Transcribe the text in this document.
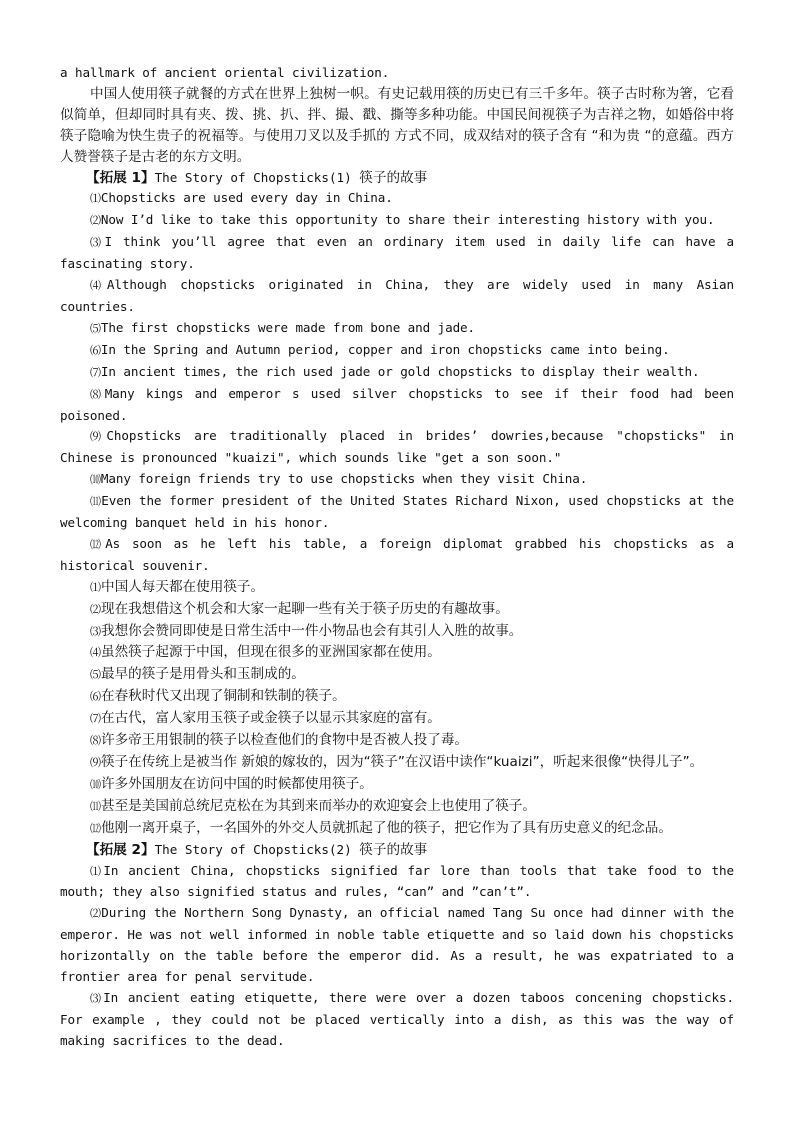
a hallmark of ancient oriental civilization.

中国人使用筷子就餐的方式在世界上独树一帜。有史记载用筷的历史已有三千多年。筷子古时称为箸，它看似简单，但却同时具有夹、拨、挑、扒、拌、撮、戳、撕等多种功能。中国民间视筷子为吉祥之物，如婚俗中将筷子隐喻为快生贵子的祝福等。与使用刀叉以及手抓的 方式不同，成双结对的筷子含有 “和为贵 “的意蕴。西方人赞誉筷子是古老的东方文明。

【拓展 1】The Story of Chopsticks(1) 筷子的故事

⑴Chopsticks are used every day in China.

⑵Now I’d like to take this opportunity to share their interesting history with you.

⑶I think you’ll agree that even an ordinary item used in daily life can have a fascinating story.

⑷Although chopsticks originated in China, they are widely used in many Asian countries.

⑸The first chopsticks were made from bone and jade.

⑹In the Spring and Autumn period, copper and iron chopsticks came into being.

⑺In ancient times, the rich used jade or gold chopsticks to display their wealth.

⑻Many kings and emperor s used silver chopsticks to see if their food had been poisoned.

⑼Chopsticks are traditionally placed in brides’ dowries,because "chopsticks" in Chinese is pronounced "kuaizi", which sounds like "get a son soon."

⑽Many foreign friends try to use chopsticks when they visit China.

⑾Even the former president of the United States Richard Nixon, used chopsticks at the welcoming banquet held in his honor.

⑿As soon as he left his table, a foreign diplomat grabbed his chopsticks as a historical souvenir.

⑴中国人每天都在使用筷子。

⑵现在我想借这个机会和大家一起聊一些有关于筷子历史的有趣故事。

⑶我想你会赞同即使是日常生活中一件小物品也会有其引人入胜的故事。

⑷虽然筷子起源于中国，但现在很多的亚洲国家都在使用。

⑸最早的筷子是用骨头和玉制成的。

⑹在春秋时代又出现了铜制和铁制的筷子。

⑺在古代，富人家用玉筷子或金筷子以显示其家庭的富有。

⑻许多帝王用银制的筷子以检查他们的食物中是否被人投了毒。

⑼筷子在传统上是被当作 新娘的嫁妆的，因为“筷子”在汉语中读作“kuaizi”，听起来很像“快得儿子”。

⑽许多外国朋友在访问中国的时候都使用筷子。

⑾甚至是美国前总统尼克松在为其到来而举办的欢迎宴会上也使用了筷子。

⑿他刚一离开桌子，一名国外的外交人员就抓起了他的筷子，把它作为了具有历史意义的纪念品。

【拓展 2】The Story of Chopsticks(2) 筷子的故事

⑴In ancient China, chopsticks signified far lore than tools that take food to the mouth; they also signified status and rules, “can” and ”can’t”.

⑵During the Northern Song Dynasty, an official named Tang Su once had dinner with the emperor. He was not well informed in noble table etiquette and so laid down his chopsticks horizontally on the table before the emperor did. As a result, he was expatriated to a frontier area for penal servitude.

⑶In ancient eating etiquette, there were over a dozen taboos concening chopsticks. For example , they could not be placed vertically into a dish, as this was the way of making sacrifices to the dead.
